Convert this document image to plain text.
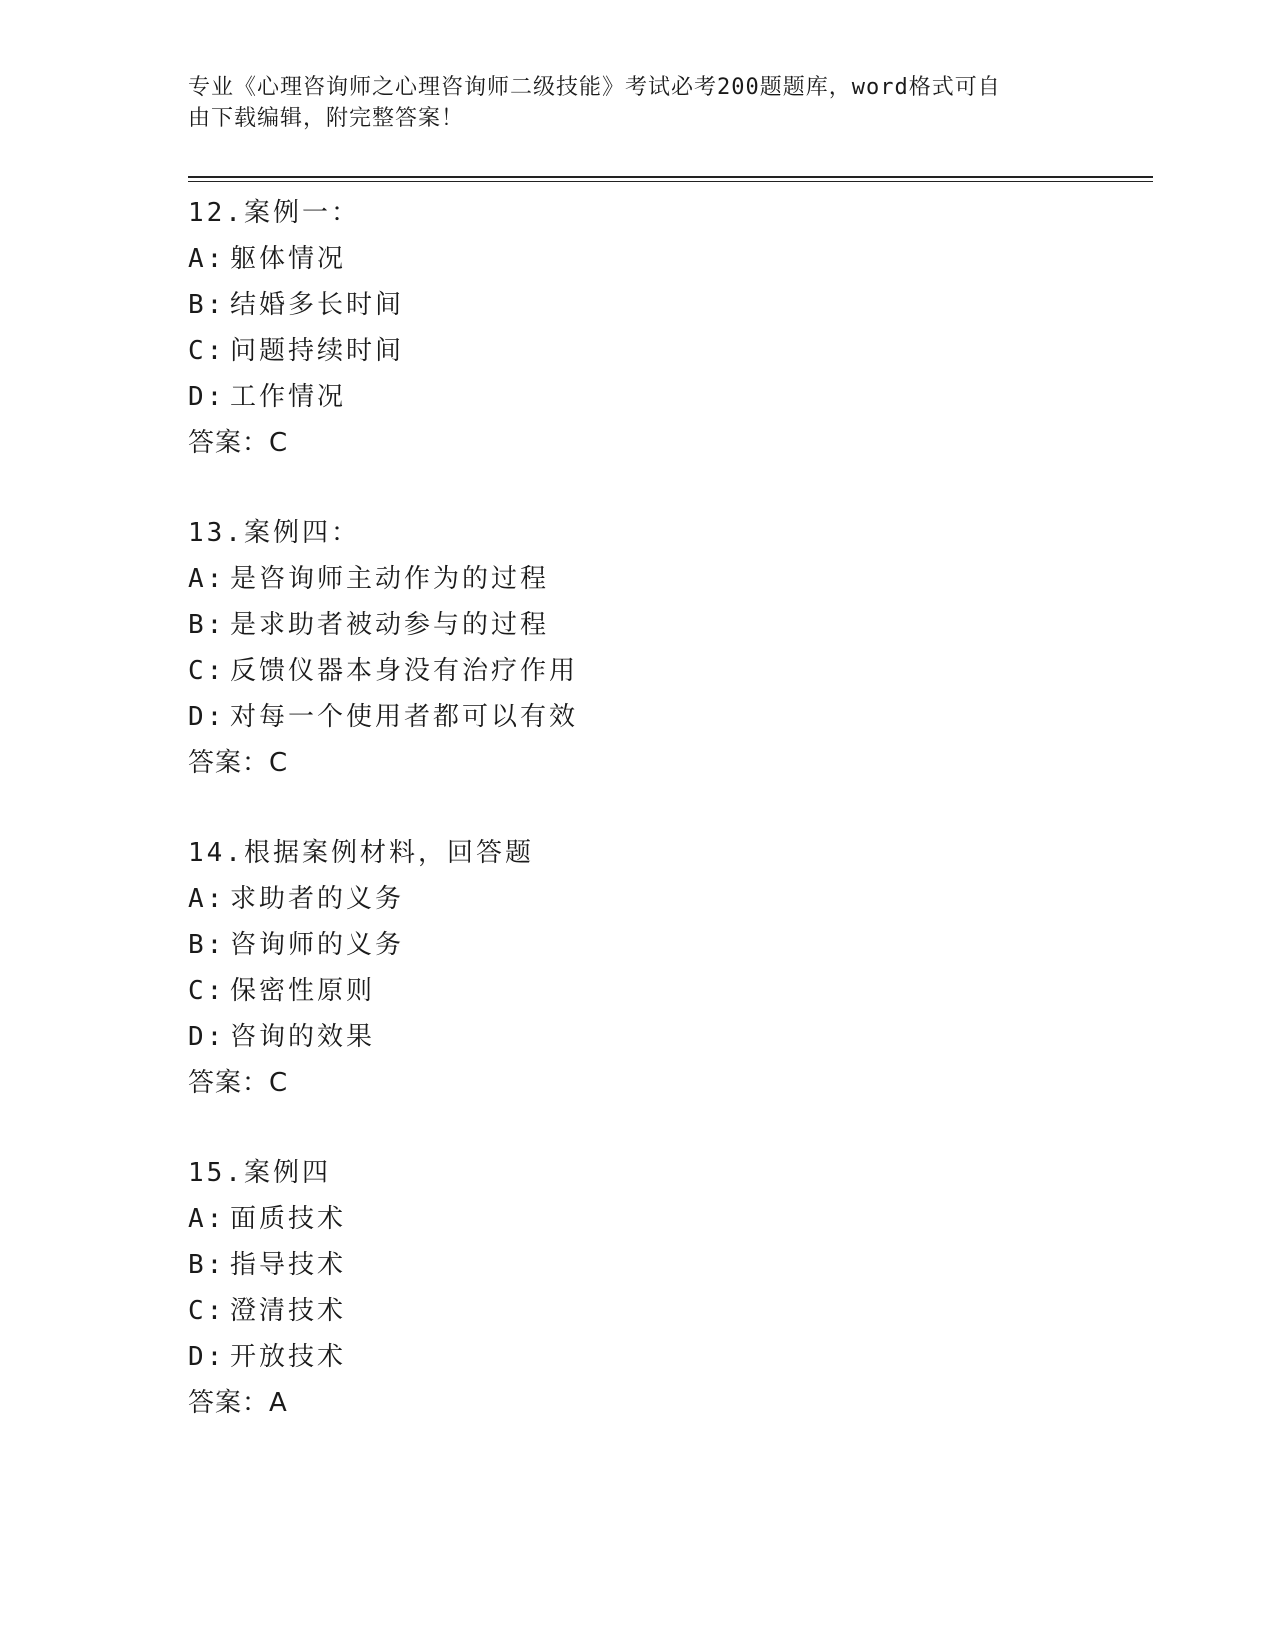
专业《心理咨询师之心理咨询师二级技能》考试必考200题题库，word格式可自
由下载编辑，附完整答案！
12.案例一：
A: 躯体情况
B: 结婚多长时间
C: 问题持续时间
D: 工作情况
答案：C
13.案例四：
A: 是咨询师主动作为的过程
B: 是求助者被动参与的过程
C: 反馈仪器本身没有治疗作用
D: 对每一个使用者都可以有效
答案：C
14.根据案例材料，回答题
A: 求助者的义务
B: 咨询师的义务
C: 保密性原则
D: 咨询的效果
答案：C
15.案例四
A: 面质技术
B: 指导技术
C: 澄清技术
D: 开放技术
答案：A
